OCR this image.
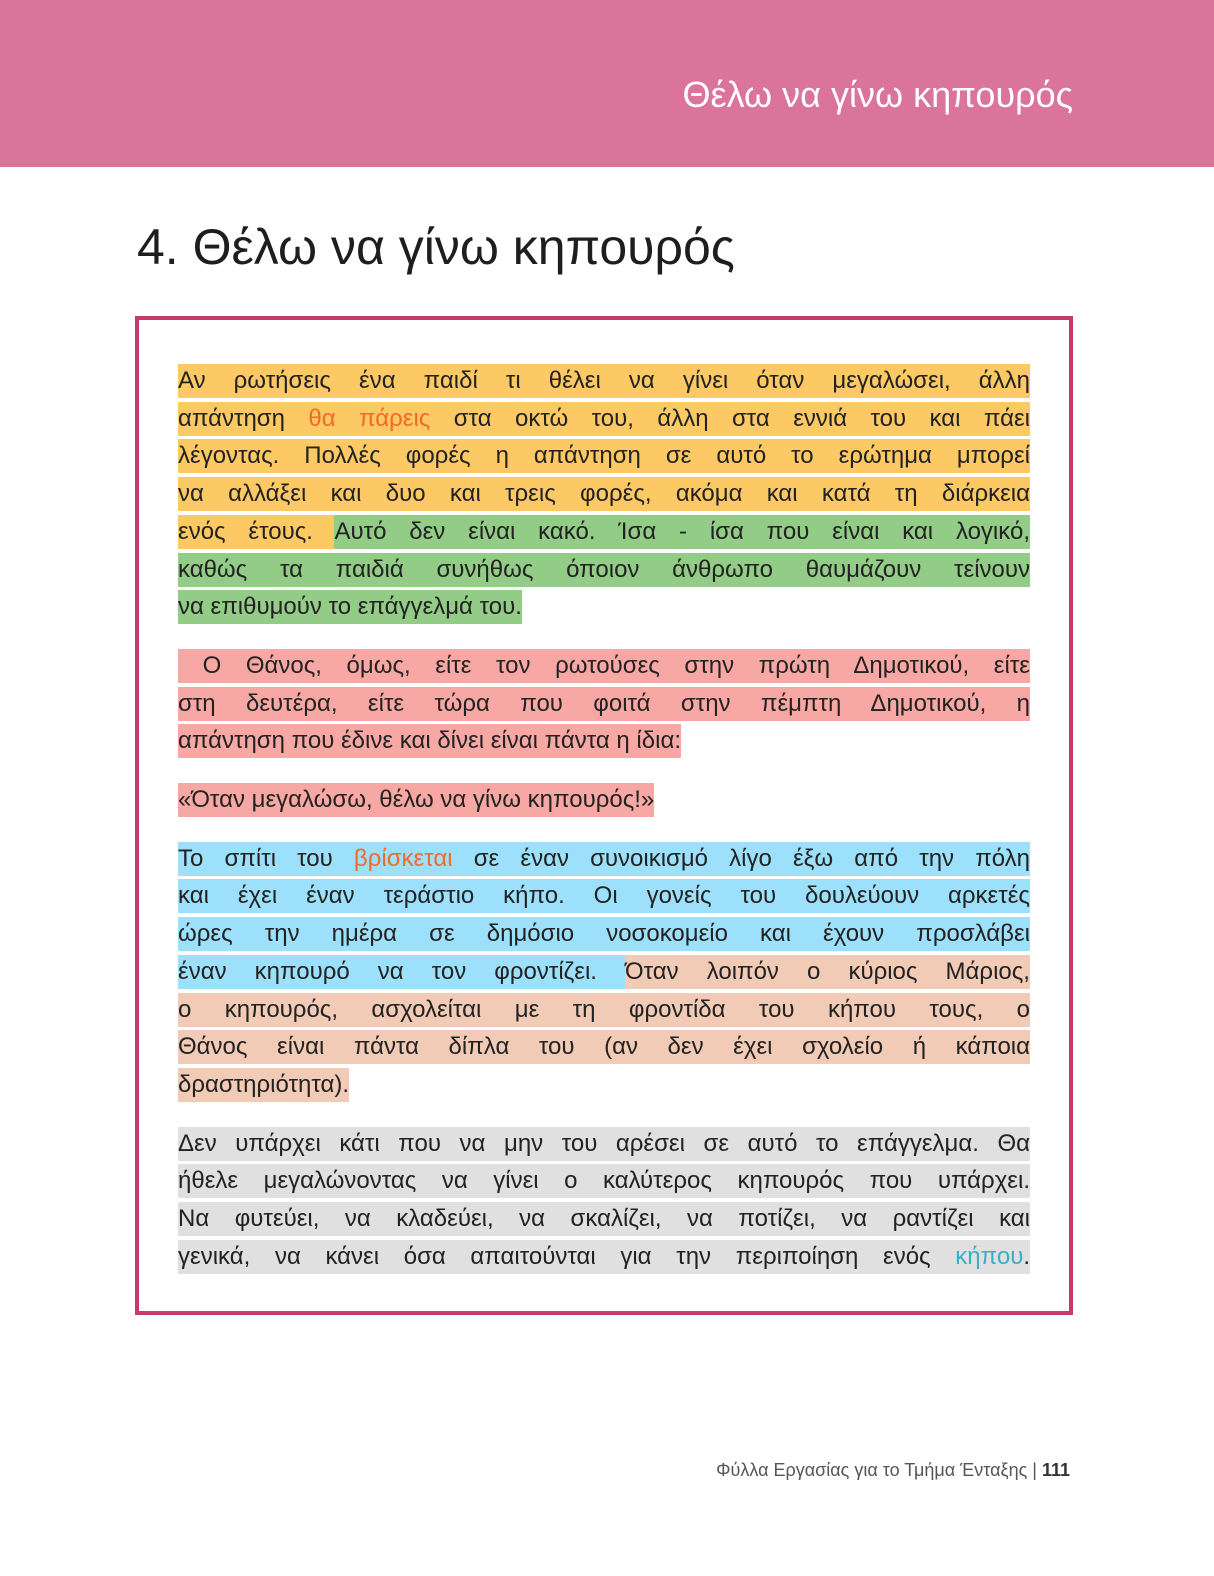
Θέλω να γίνω κηπουρός
4. Θέλω να γίνω κηπουρός
Αν ρωτήσεις ένα παιδί τι θέλει να γίνει όταν μεγαλώσει, άλλη
απάντηση θα πάρεις στα οκτώ του, άλλη στα εννιά του και πάει
λέγοντας. Πολλές φορές η απάντηση σε αυτό το ερώτημα μπορεί
να αλλάξει και δυο και τρεις φορές, ακόμα και κατά τη διάρκεια
ενός έτους. Αυτό δεν είναι κακό. Ίσα - ίσα που είναι και λογικό,
καθώς τα παιδιά συνήθως όποιον άνθρωπο θαυμάζουν τείνουν
να επιθυμούν το επάγγελμά του.
Ο Θάνος, όμως, είτε τον ρωτούσες στην πρώτη Δημοτικού, είτε
στη δευτέρα, είτε τώρα που φοιτά στην πέμπτη Δημοτικού, η
απάντηση που έδινε και δίνει είναι πάντα η ίδια:
«Όταν μεγαλώσω, θέλω να γίνω κηπουρός!»
Το σπίτι του βρίσκεται σε έναν συνοικισμό λίγο έξω από την πόλη
και έχει έναν τεράστιο κήπο. Οι γονείς του δουλεύουν αρκετές
ώρες την ημέρα σε δημόσιο νοσοκομείο και έχουν προσλάβει
έναν κηπουρό να τον φροντίζει. Όταν λοιπόν ο κύριος Μάριος,
ο κηπουρός, ασχολείται με τη φροντίδα του κήπου τους, ο
Θάνος είναι πάντα δίπλα του (αν δεν έχει σχολείο ή κάποια
δραστηριότητα).
Δεν υπάρχει κάτι που να μην του αρέσει σε αυτό το επάγγελμα. Θα
ήθελε μεγαλώνοντας να γίνει ο καλύτερος κηπουρός που υπάρχει.
Να φυτεύει, να κλαδεύει, να σκαλίζει, να ποτίζει, να ραντίζει και
γενικά, να κάνει όσα απαιτούνται για την περιποίηση ενός κήπου.
Φύλλα Εργασίας για το Τμήμα Ένταξης | 111
